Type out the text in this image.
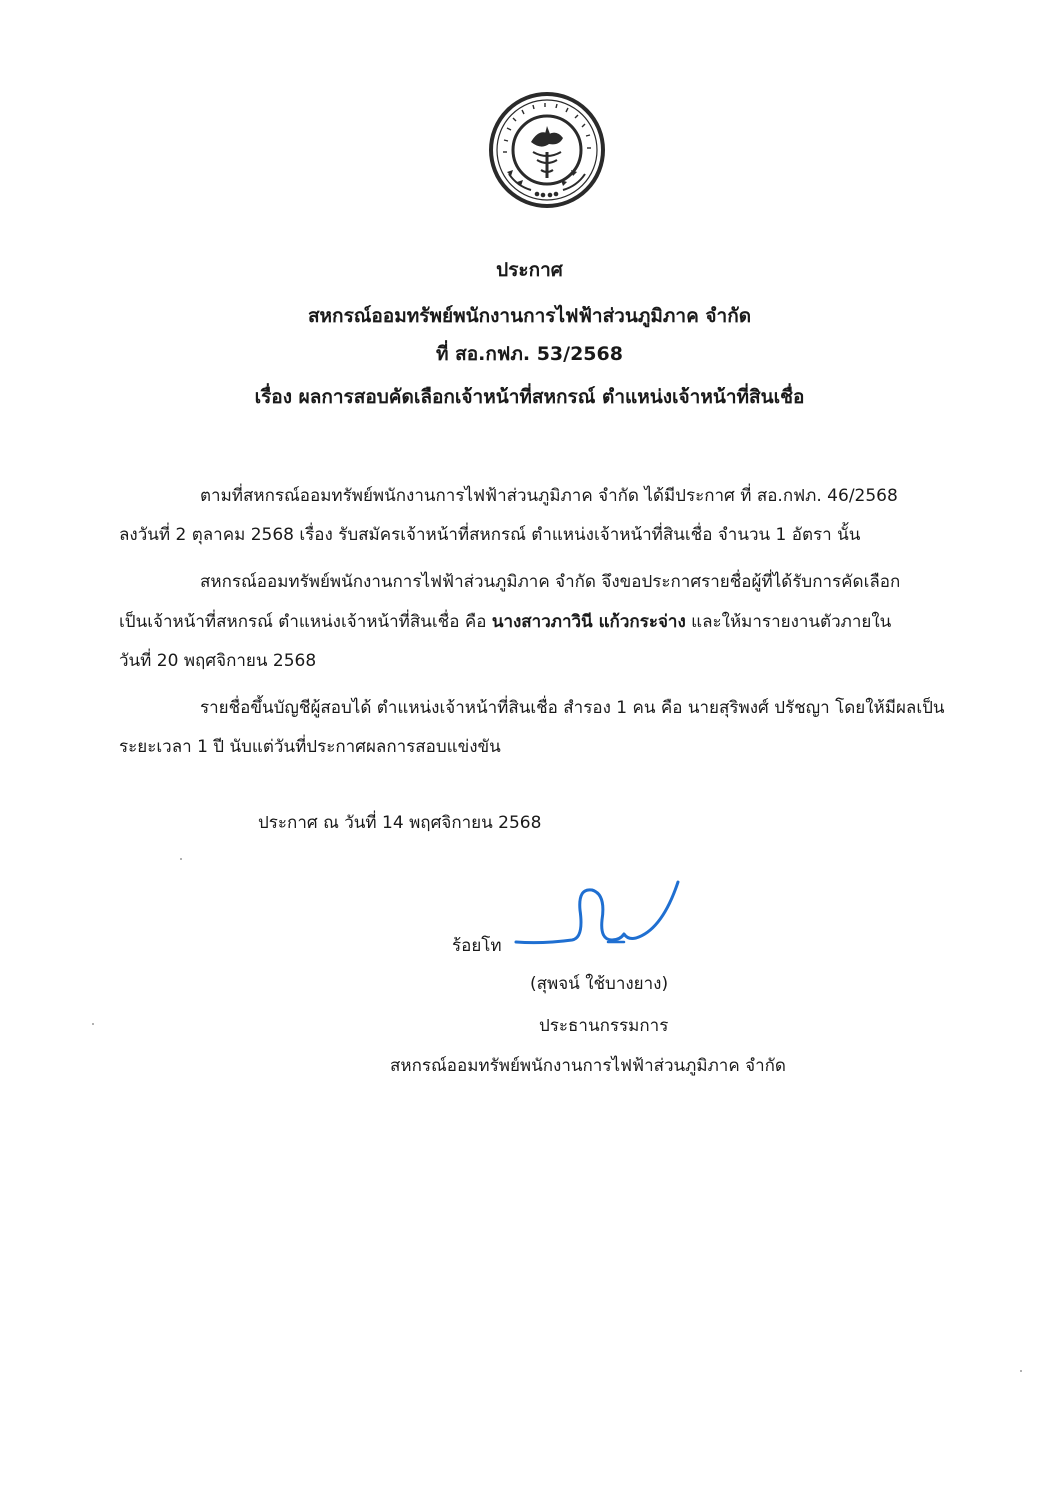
ประกาศ
สหกรณ์ออมทรัพย์พนักงานการไฟฟ้าส่วนภูมิภาค จำกัด
ที่ สอ.กฟภ. 53/2568
เรื่อง ผลการสอบคัดเลือกเจ้าหน้าที่สหกรณ์ ตำแหน่งเจ้าหน้าที่สินเชื่อ
ตามที่สหกรณ์ออมทรัพย์พนักงานการไฟฟ้าส่วนภูมิภาค จำกัด ได้มีประกาศ ที่ สอ.กฟภ. 46/2568
ลงวันที่ 2 ตุลาคม 2568 เรื่อง รับสมัครเจ้าหน้าที่สหกรณ์ ตำแหน่งเจ้าหน้าที่สินเชื่อ จำนวน 1 อัตรา นั้น
สหกรณ์ออมทรัพย์พนักงานการไฟฟ้าส่วนภูมิภาค จำกัด จึงขอประกาศรายชื่อผู้ที่ได้รับการคัดเลือก
เป็นเจ้าหน้าที่สหกรณ์ ตำแหน่งเจ้าหน้าที่สินเชื่อ คือ นางสาวภาวินี แก้วกระจ่าง และให้มารายงานตัวภายใน
วันที่ 20 พฤศจิกายน 2568
รายชื่อขึ้นบัญชีผู้สอบได้ ตำแหน่งเจ้าหน้าที่สินเชื่อ สำรอง 1 คน คือ นายสุริพงศ์ ปรัชญา โดยให้มีผลเป็น
ระยะเวลา 1 ปี นับแต่วันที่ประกาศผลการสอบแข่งขัน
ประกาศ ณ วันที่ 14 พฤศจิกายน 2568
ร้อยโท
(สุพจน์ ใช้บางยาง)
ประธานกรรมการ
สหกรณ์ออมทรัพย์พนักงานการไฟฟ้าส่วนภูมิภาค จำกัด
